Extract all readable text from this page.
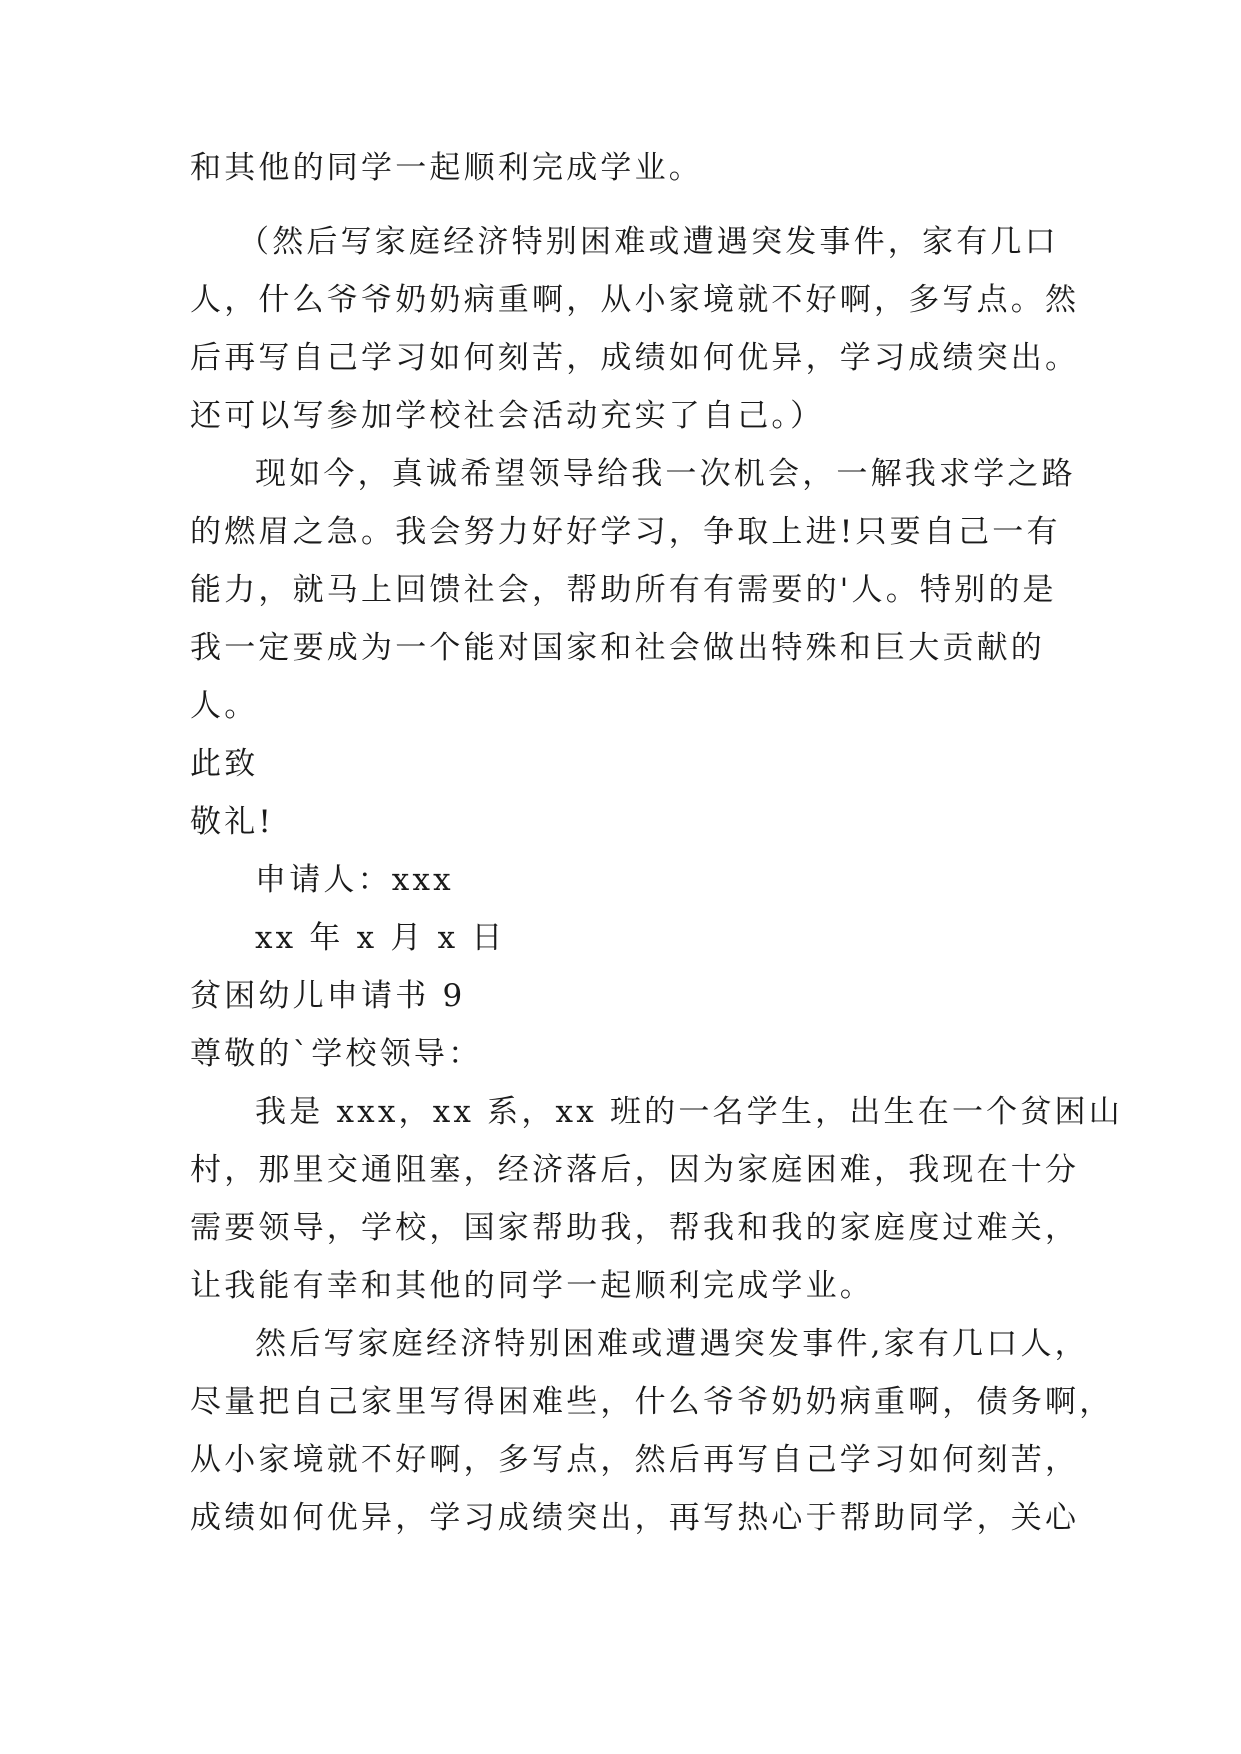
和其他的同学一起顺利完成学业。
（然后写家庭经济特别困难或遭遇突发事件，家有几口
人，什么爷爷奶奶病重啊，从小家境就不好啊，多写点。然
后再写自己学习如何刻苦，成绩如何优异，学习成绩突出。
还可以写参加学校社会活动充实了自己。）
现如今，真诚希望领导给我一次机会，一解我求学之路
的燃眉之急。我会努力好好学习，争取上进!只要自己一有
能力，就马上回馈社会，帮助所有有需要的'人。特别的是
我一定要成为一个能对国家和社会做出特殊和巨大贡献的
人。
此致
敬礼!
申请人：xxx
xx 年 x 月 x 日
贫困幼儿申请书 9
尊敬的`学校领导：
我是 xxx，xx 系，xx 班的一名学生，出生在一个贫困山
村，那里交通阻塞，经济落后，因为家庭困难，我现在十分
需要领导，学校，国家帮助我，帮我和我的家庭度过难关，
让我能有幸和其他的同学一起顺利完成学业。
然后写家庭经济特别困难或遭遇突发事件,家有几口人，
尽量把自己家里写得困难些，什么爷爷奶奶病重啊，债务啊，
从小家境就不好啊，多写点，然后再写自己学习如何刻苦，
成绩如何优异，学习成绩突出，再写热心于帮助同学，关心
